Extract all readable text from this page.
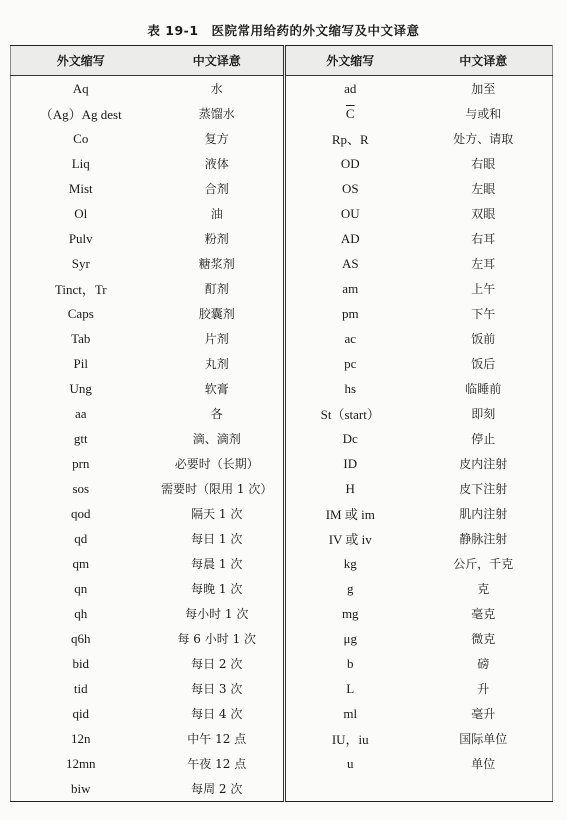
表 19-1　医院常用给药的外文缩写及中文译意
外文缩写	中文译意	外文缩写	中文译意
Aq	水	ad	加至
（Ag）Ag dest	蒸馏水	$\overline{C}$	与或和
Co	复方	Rp、R	处方、请取
Liq	液体	OD	右眼
Mist	合剂	OS	左眼
Ol	油	OU	双眼
Pulv	粉剂	AD	右耳
Syr	糖浆剂	AS	左耳
Tinct，Tr	酊剂	am	上午
Caps	胶囊剂	pm	下午
Tab	片剂	ac	饭前
Pil	丸剂	pc	饭后
Ung	软膏	hs	临睡前
aa	各	St（start）	即刻
gtt	滴、滴剂	Dc	停止
prn	必要时（长期）	ID	皮内注射
sos	需要时（限用 1 次）	H	皮下注射
qod	隔天 1 次	IM 或 im	肌内注射
qd	每日 1 次	IV 或 iv	静脉注射
qm	每晨 1 次	kg	公斤，千克
qn	每晚 1 次	g	克
qh	每小时 1 次	mg	毫克
q6h	每 6 小时 1 次	μg	微克
bid	每日 2 次	b	磅
tid	每日 3 次	L	升
qid	每日 4 次	ml	毫升
12n	中午 12 点	IU，iu	国际单位
12mn	午夜 12 点	u	单位
biw	每周 2 次		
